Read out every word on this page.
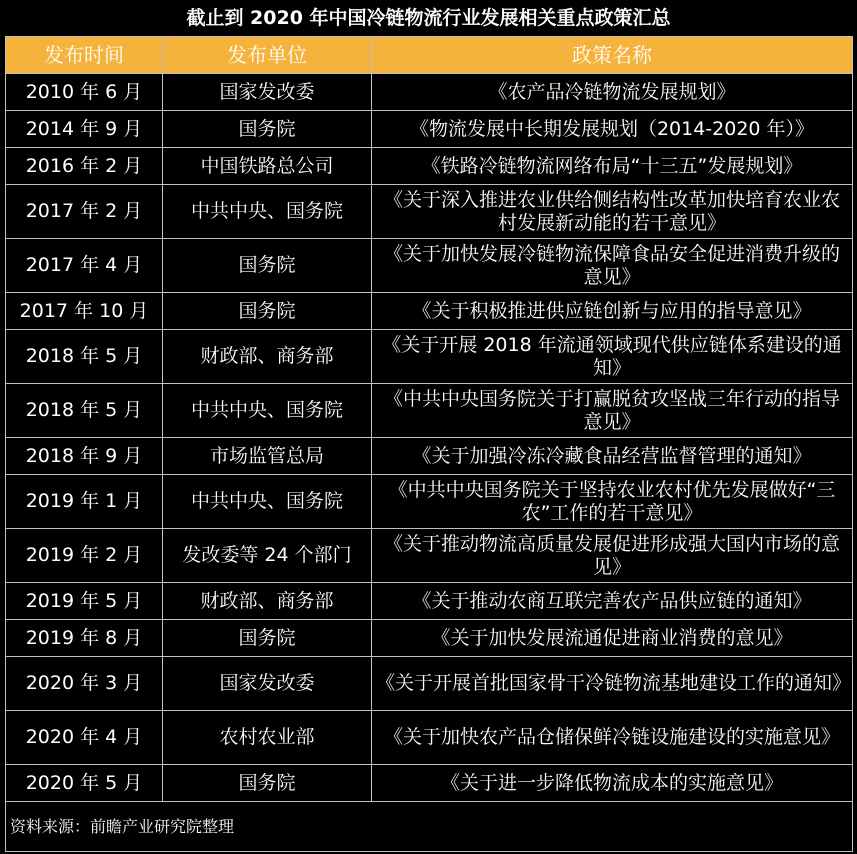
截止到 2020 年中国冷链物流行业发展相关重点政策汇总
发布时间	发布单位	政策名称
2010 年 6 月	国家发改委	《农产品冷链物流发展规划》
2014 年 9 月	国务院	《物流发展中长期发展规划（2014-2020 年）》
2016 年 2 月	中国铁路总公司	《铁路冷链物流网络布局“十三五”发展规划》
2017 年 2 月	中共中央、国务院	《关于深入推进农业供给侧结构性改革加快培育农业农村发展新动能的若干意见》
2017 年 4 月	国务院	《关于加快发展冷链物流保障食品安全促进消费升级的意见》
2017 年 10 月	国务院	《关于积极推进供应链创新与应用的指导意见》
2018 年 5 月	财政部、商务部	《关于开展 2018 年流通领域现代供应链体系建设的通知》
2018 年 5 月	中共中央、国务院	《中共中央国务院关于打赢脱贫攻坚战三年行动的指导意见》
2018 年 9 月	市场监管总局	《关于加强冷冻冷藏食品经营监督管理的通知》
2019 年 1 月	中共中央、国务院	《中共中央国务院关于坚持农业农村优先发展做好“三农”工作的若干意见》
2019 年 2 月	发改委等 24 个部门	《关于推动物流高质量发展促进形成强大国内市场的意见》
2019 年 5 月	财政部、商务部	《关于推动农商互联完善农产品供应链的通知》
2019 年 8 月	国务院	《关于加快发展流通促进商业消费的意见》
2020 年 3 月	国家发改委	《关于开展首批国家骨干冷链物流基地建设工作的通知》
2020 年 4 月	农村农业部	《关于加快农产品仓储保鲜冷链设施建设的实施意见》
2020 年 5 月	国务院	《关于进一步降低物流成本的实施意见》
资料来源：前瞻产业研究院整理		
